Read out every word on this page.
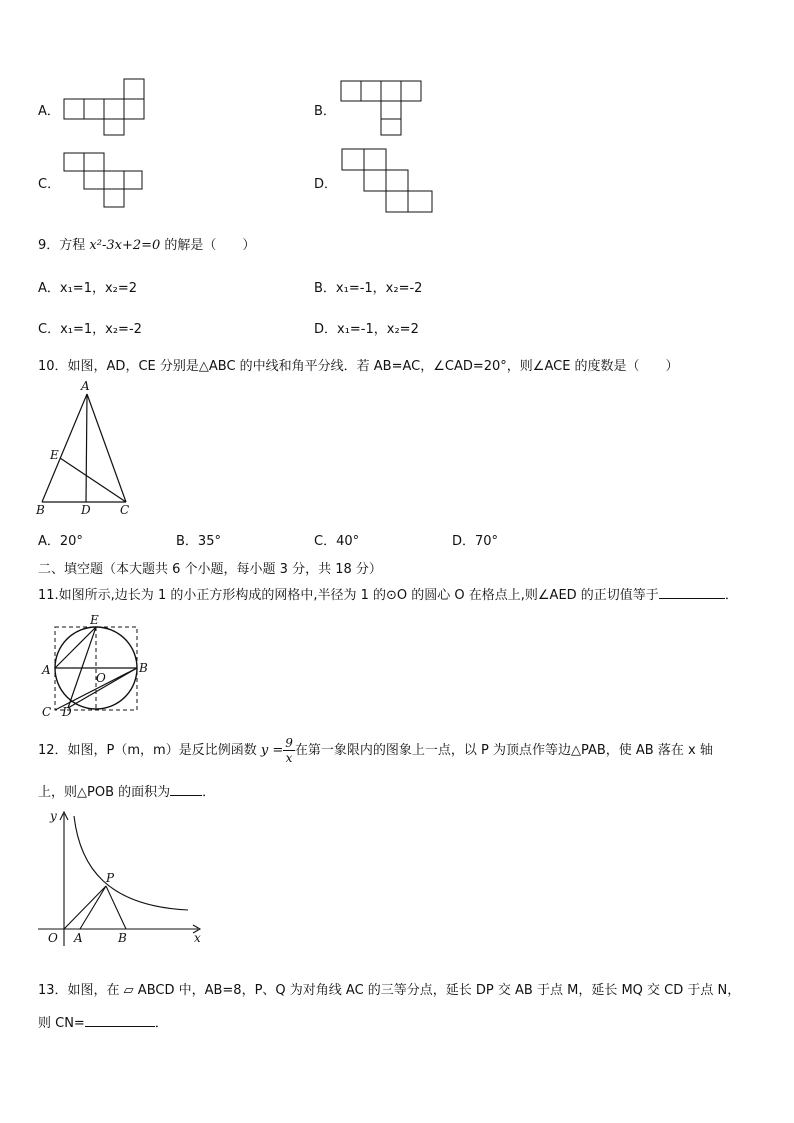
A．	B．
C．	D．
9．方程 x²-3x+2=0 的解是（　　）
A．x₁=1，x₂=2	B．x₁=-1，x₂=-2
C．x₁=1，x₂=-2	D．x₁=-1，x₂=2
10．如图，AD，CE 分别是△ABC 的中线和角平分线．若 AB=AC，∠CAD=20°，则∠ACE 的度数是（　　）
A
E
B	D C
A．20°	B．35°	C．40°	D．70°
二、填空题（本大题共 6 个小题，每小题 3 分，共 18 分）
11.如图所示,边长为 1 的小正方形构成的网格中,半径为 1 的⊙O 的圆心 O 在格点上,则∠AED 的正切值等于	．
E
A	B
O
C D
12．如图，P（m，m）是反比例函数 $y = \frac{9}{x}$ 在第一象限内的图象上一点，以 P 为顶点作等边△PAB，使 AB 落在 x 轴
上，则△POB 的面积为 ．
y
x
O A	B
P
13．如图，在 ▱ ABCD 中，AB=8，P、Q 为对角线 AC 的三等分点，延长 DP 交 AB 于点 M，延长 MQ 交 CD 于点 N，
则 CN=	．
